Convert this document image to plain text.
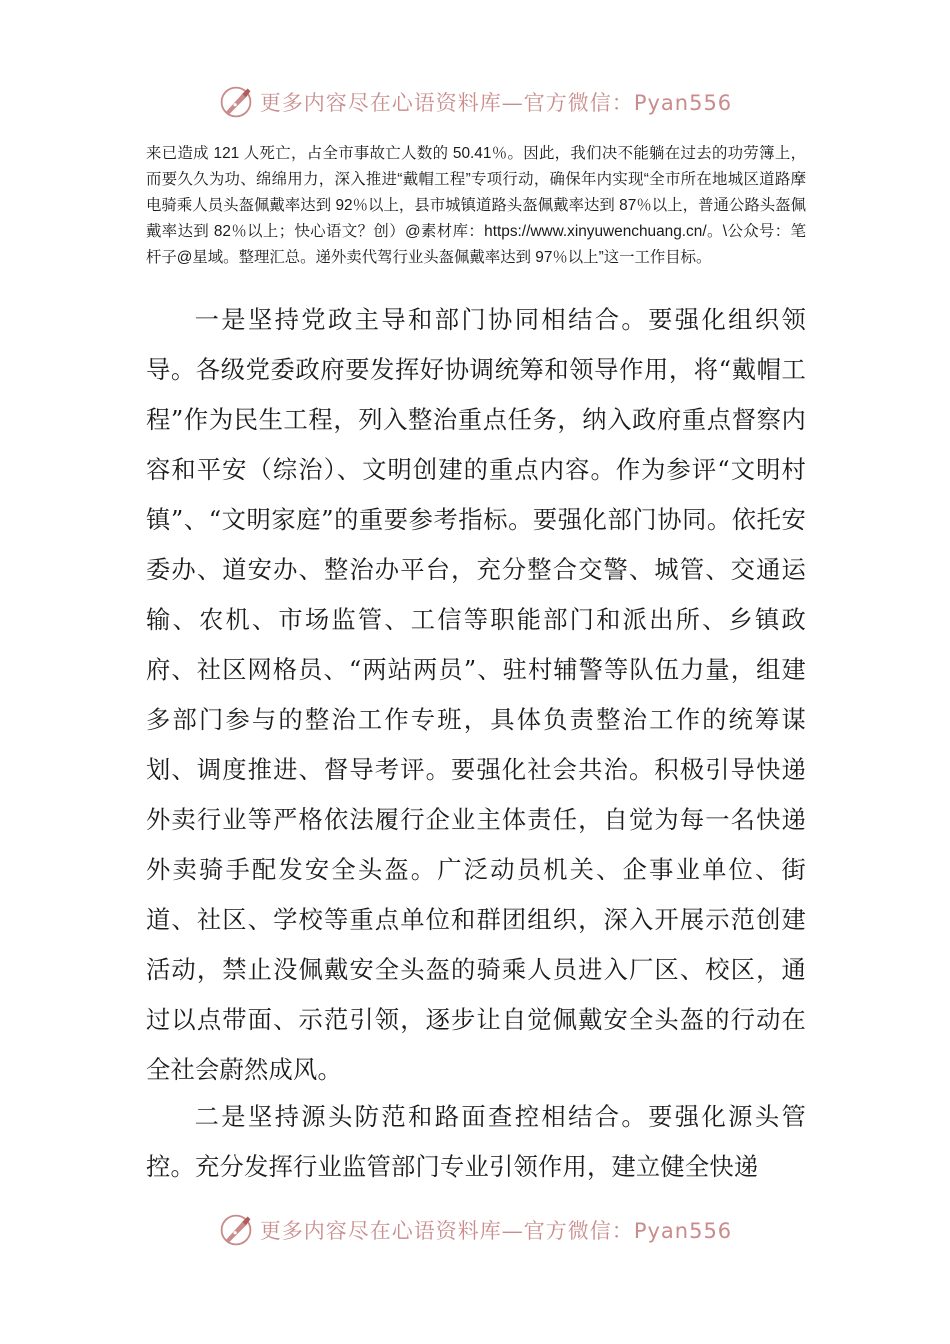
更多内容尽在心语资料库—官方微信：Pyan556

来已造成 121 人死亡，占全市事故亡人数的 50.41％。因此，我们决不能躺在过去的功劳簿上，而要久久为功、绵绵用力，深入推进“戴帽工程”专项行动，确保年内实现“全市所在地城区道路摩电骑乘人员头盔佩戴率达到 92％以上，县市城镇道路头盔佩戴率达到 87％以上，普通公路头盔佩戴率达到 82％以上；快心语文？创）@素材库：https://www.xinyuwenchuang.cn/。\公众号：笔杆子@星域。整理汇总。递外卖代驾行业头盔佩戴率达到 97％以上”这一工作目标。

一是坚持党政主导和部门协同相结合。要强化组织领导。各级党委政府要发挥好协调统筹和领导作用，将“戴帽工程”作为民生工程，列入整治重点任务，纳入政府重点督察内容和平安（综治）、文明创建的重点内容。作为参评“文明村镇”、“文明家庭”的重要参考指标。要强化部门协同。依托安委办、道安办、整治办平台，充分整合交警、城管、交通运输、农机、市场监管、工信等职能部门和派出所、乡镇政府、社区网格员、“两站两员”、驻村辅警等队伍力量，组建多部门参与的整治工作专班，具体负责整治工作的统筹谋划、调度推进、督导考评。要强化社会共治。积极引导快递外卖行业等严格依法履行企业主体责任，自觉为每一名快递外卖骑手配发安全头盔。广泛动员机关、企事业单位、街道、社区、学校等重点单位和群团组织，深入开展示范创建活动，禁止没佩戴安全头盔的骑乘人员进入厂区、校区，通过以点带面、示范引领，逐步让自觉佩戴安全头盔的行动在全社会蔚然成风。

二是坚持源头防范和路面查控相结合。要强化源头管控。充分发挥行业监管部门专业引领作用，建立健全快递

更多内容尽在心语资料库—官方微信：Pyan556
